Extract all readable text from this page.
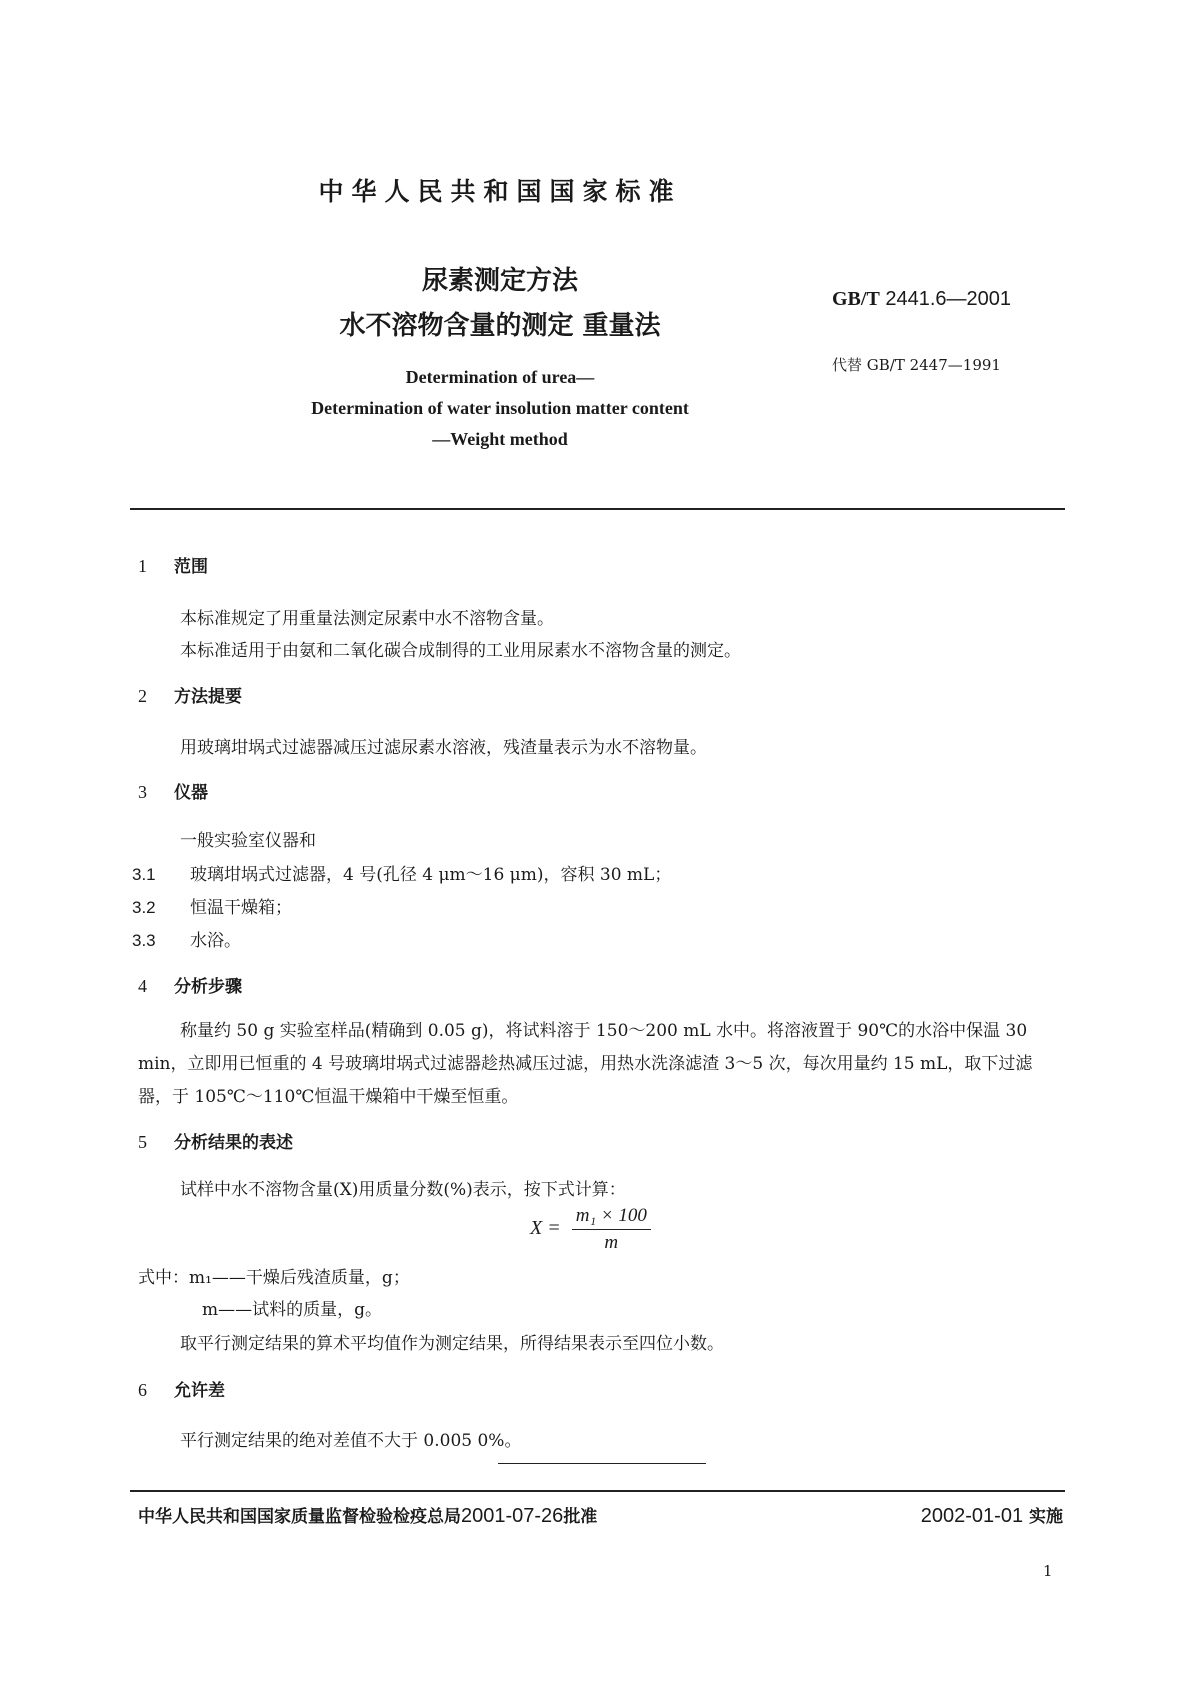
中华人民共和国国家标准
尿素测定方法
水不溶物含量的测定 重量法
GB/T 2441.6—2001
代替 GB/T 2447—1991
Determination of urea—
Determination of water insolution matter content
—Weight method
1 范围
本标准规定了用重量法测定尿素中水不溶物含量。
本标准适用于由氨和二氧化碳合成制得的工业用尿素水不溶物含量的测定。
2 方法提要
用玻璃坩埚式过滤器减压过滤尿素水溶液，残渣量表示为水不溶物量。
3 仪器
一般实验室仪器和
3.1 玻璃坩埚式过滤器，4 号(孔径 4 μm～16 μm)，容积 30 mL；
3.2 恒温干燥箱；
3.3 水浴。
4 分析步骤
称量约 50 g 实验室样品(精确到 0.05 g)，将试料溶于 150～200 mL 水中。将溶液置于 90℃的水浴中保温 30 min，立即用已恒重的 4 号玻璃坩埚式过滤器趁热减压过滤，用热水洗涤滤渣 3～5 次，每次用量约 15 mL，取下过滤器，于 105℃～110℃恒温干燥箱中干燥至恒重。
5 分析结果的表述
试样中水不溶物含量(X)用质量分数(%)表示，按下式计算：
$X = \frac{\text{m₁ × 100}}{m}$
式中：m₁——干燥后残渣质量，g；
m——试料的质量，g。
取平行测定结果的算术平均值作为测定结果，所得结果表示至四位小数。
6 允许差
平行测定结果的绝对差值不大于 0.005 0%。
中华人民共和国国家质量监督检验检疫总局2001-07-26批准	2002-01-01 实施
1
